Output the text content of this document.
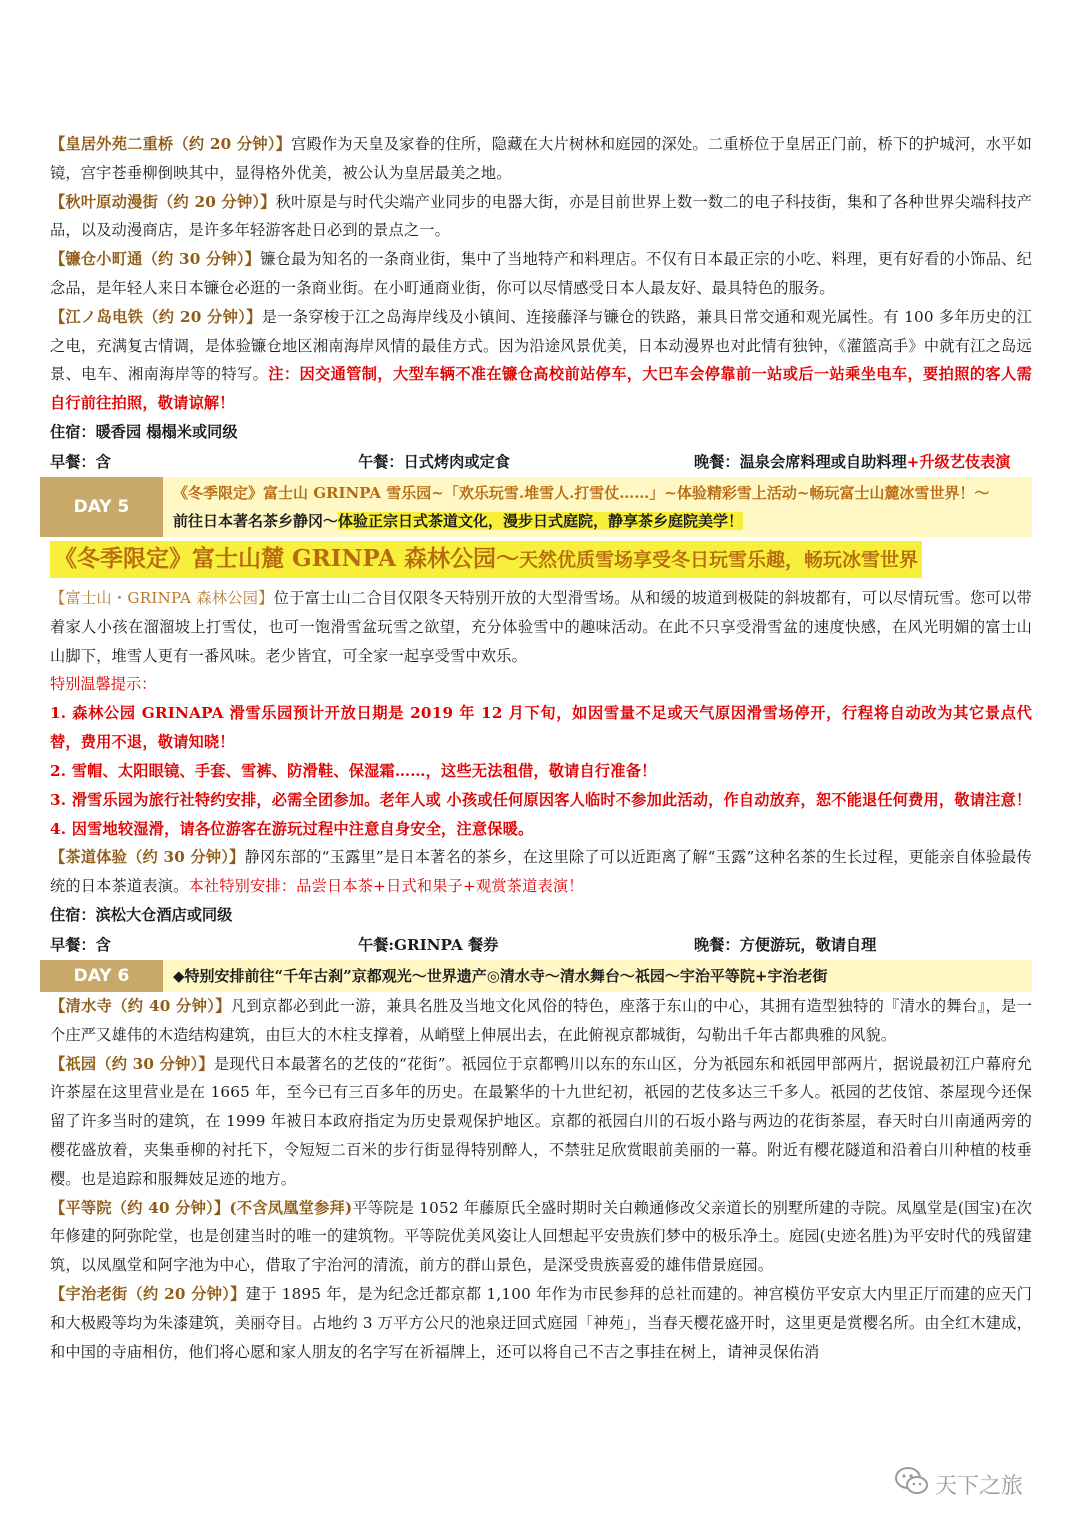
【皇居外苑二重桥（约 20 分钟）】宫殿作为天皇及家眷的住所，隐藏在大片树林和庭园的深处。二重桥位于皇居正门前，桥下的护城河，水平如镜，宫宇苍垂柳倒映其中，显得格外优美，被公认为皇居最美之地。

【秋叶原动漫街（约 20 分钟）】秋叶原是与时代尖端产业同步的电器大街，亦是目前世界上数一数二的电子科技街，集和了各种世界尖端科技产品，以及动漫商店，是许多年轻游客赴日必到的景点之一。

【镰仓小町通（约 30 分钟）】镰仓最为知名的一条商业街，集中了当地特产和料理店。不仅有日本最正宗的小吃、料理，更有好看的小饰品、纪念品，是年轻人来日本镰仓必逛的一条商业街。在小町通商业街，你可以尽情感受日本人最友好、最具特色的服务。

【江ノ岛电铁（约 20 分钟）】是一条穿梭于江之岛海岸线及小镇间、连接藤泽与镰仓的铁路，兼具日常交通和观光属性。有 100 多年历史的江之电，充满复古情调，是体验镰仓地区湘南海岸风情的最佳方式。因为沿途风景优美，日本动漫界也对此情有独钟，《灌篮高手》中就有江之岛远景、电车、湘南海岸等的特写。注：因交通管制，大型车辆不准在镰仓高校前站停车，大巴车会停靠前一站或后一站乘坐电车，要拍照的客人需自行前往拍照，敬请谅解！

住宿：暖香园 榻榻米或同级
早餐：含	午餐：日式烤肉或定食	晚餐：温泉会席料理或自助料理+升级艺伎表演
DAY 5
《冬季限定》富士山 GRINPA 雪乐园~「欢乐玩雪.堆雪人.打雪仗……」~体验精彩雪上活动~畅玩富士山麓冰雪世界！～
前往日本著名茶乡静冈～体验正宗日式茶道文化，漫步日式庭院，静享茶乡庭院美学！
《冬季限定》富士山麓 GRINPA 森林公园～天然优质雪场享受冬日玩雪乐趣，畅玩冰雪世界

【富士山・GRINPA 森林公园】位于富士山二合目仅限冬天特别开放的大型滑雪场。从和缓的坡道到极陡的斜坡都有，可以尽情玩雪。您可以带着家人小孩在溜溜坡上打雪仗，也可一饱滑雪盆玩雪之欲望，充分体验雪中的趣味活动。在此不只享受滑雪盆的速度快感，在风光明媚的富士山山脚下，堆雪人更有一番风味。老少皆宜，可全家一起享受雪中欢乐。

特别温馨提示：

1. 森林公园 GRINAPA 滑雪乐园预计开放日期是 2019 年 12 月下旬，如因雪量不足或天气原因滑雪场停开，行程将自动改为其它景点代替，费用不退，敬请知晓！

2. 雪帽、太阳眼镜、手套、雪裤、防滑鞋、保湿霜……，这些无法租借，敬请自行准备！

3. 滑雪乐园为旅行社特约安排，必需全团参加。老年人或 小孩或任何原因客人临时不参加此活动，作自动放弃，恕不能退任何费用，敬请注意！

4. 因雪地较湿滑，请各位游客在游玩过程中注意自身安全，注意保暖。

【茶道体验（约 30 分钟）】静冈东部的“玉露里”是日本著名的茶乡，在这里除了可以近距离了解“玉露”这种名茶的生长过程，更能亲自体验最传统的日本茶道表演。本社特别安排：品尝日本茶+日式和果子+观赏茶道表演！

住宿：滨松大仓酒店或同级
早餐：含	午餐:GRINPA 餐券	晚餐：方便游玩，敬请自理
DAY 6	◆特别安排前往“千年古刹”京都观光～世界遗产◎清水寺～清水舞台～祇园～宇治平等院+宇治老街

【清水寺（约 40 分钟）】凡到京都必到此一游，兼具名胜及当地文化风俗的特色，座落于东山的中心，其拥有造型独特的『清水的舞台』，是一个庄严又雄伟的木造结构建筑，由巨大的木柱支撑着，从峭壁上伸展出去，在此俯视京都城街，勾勒出千年古都典雅的风貌。

【祇园（约 30 分钟）】是现代日本最著名的艺伎的“花街”。祇园位于京都鸭川以东的东山区，分为祇园东和祇园甲部两片，据说最初江户幕府允许茶屋在这里营业是在 1665 年，至今已有三百多年的历史。在最繁华的十九世纪初，祇园的艺伎多达三千多人。祇园的艺伎馆、茶屋现今还保留了许多当时的建筑，在 1999 年被日本政府指定为历史景观保护地区。京都的祇园白川的石坂小路与两边的花街茶屋，春天时白川南通两旁的樱花盛放着，夹集垂柳的衬托下，令短短二百米的步行街显得特别醉人，不禁驻足欣赏眼前美丽的一幕。附近有樱花隧道和沿着白川种植的枝垂樱。也是追踪和服舞妓足迹的地方。

【平等院（约 40 分钟）】(不含凤凰堂参拜)平等院是 1052 年藤原氏全盛时期时关白赖通修改父亲道长的别墅所建的寺院。凤凰堂是(国宝)在次年修建的阿弥陀堂，也是创建当时的唯一的建筑物。平等院优美风姿让人回想起平安贵族们梦中的极乐净土。庭园(史迹名胜)为平安时代的残留建筑，以凤凰堂和阿字池为中心，借取了宇治河的清流，前方的群山景色，是深受贵族喜爱的雄伟借景庭园。

【宇治老街（约 20 分钟）】建于 1895 年，是为纪念迁都京都 1,100 年作为市民参拜的总社而建的。神宫模仿平安京大内里正厅而建的应天门和大极殿等均为朱漆建筑，美丽夺目。占地约 3 万平方公尺的池泉迂回式庭园「神苑」，当春天樱花盛开时，这里更是赏樱名所。由全红木建成，和中国的寺庙相仿，他们将心愿和家人朋友的名字写在祈福牌上，还可以将自己不吉之事挂在树上，请神灵保佑消

天下之旅
